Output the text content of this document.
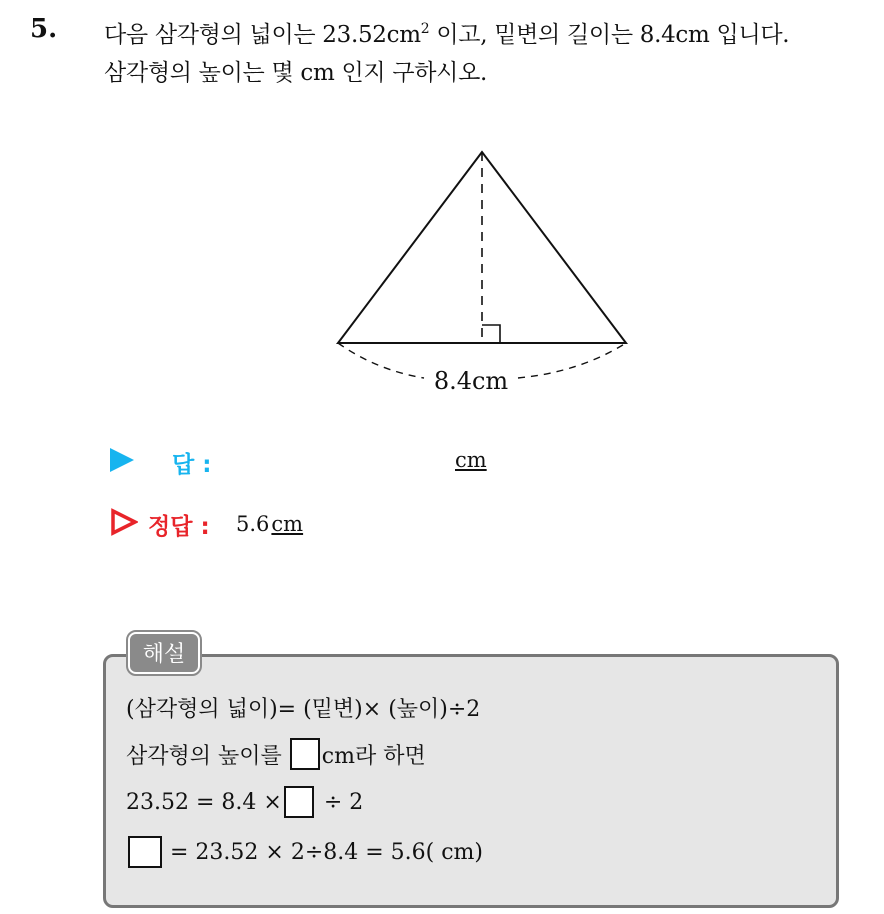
5. 다음 삼각형의 넓이는 $23.52cm^2$ 이고, 밑변의 길이는 8.4cm 입니다.
삼각형의 높이는 몇 cm 인지 구하시오.
8.4cm
답 :	cm
정답 : 5.6cm
해설
(삼각형의 넓이)= (밑변)× (높이)÷2
삼각형의 높이를 cm라 하면
23.52 = 8.4 × ÷ 2
= 23.52 × 2÷8.4 = 5.6( cm)
